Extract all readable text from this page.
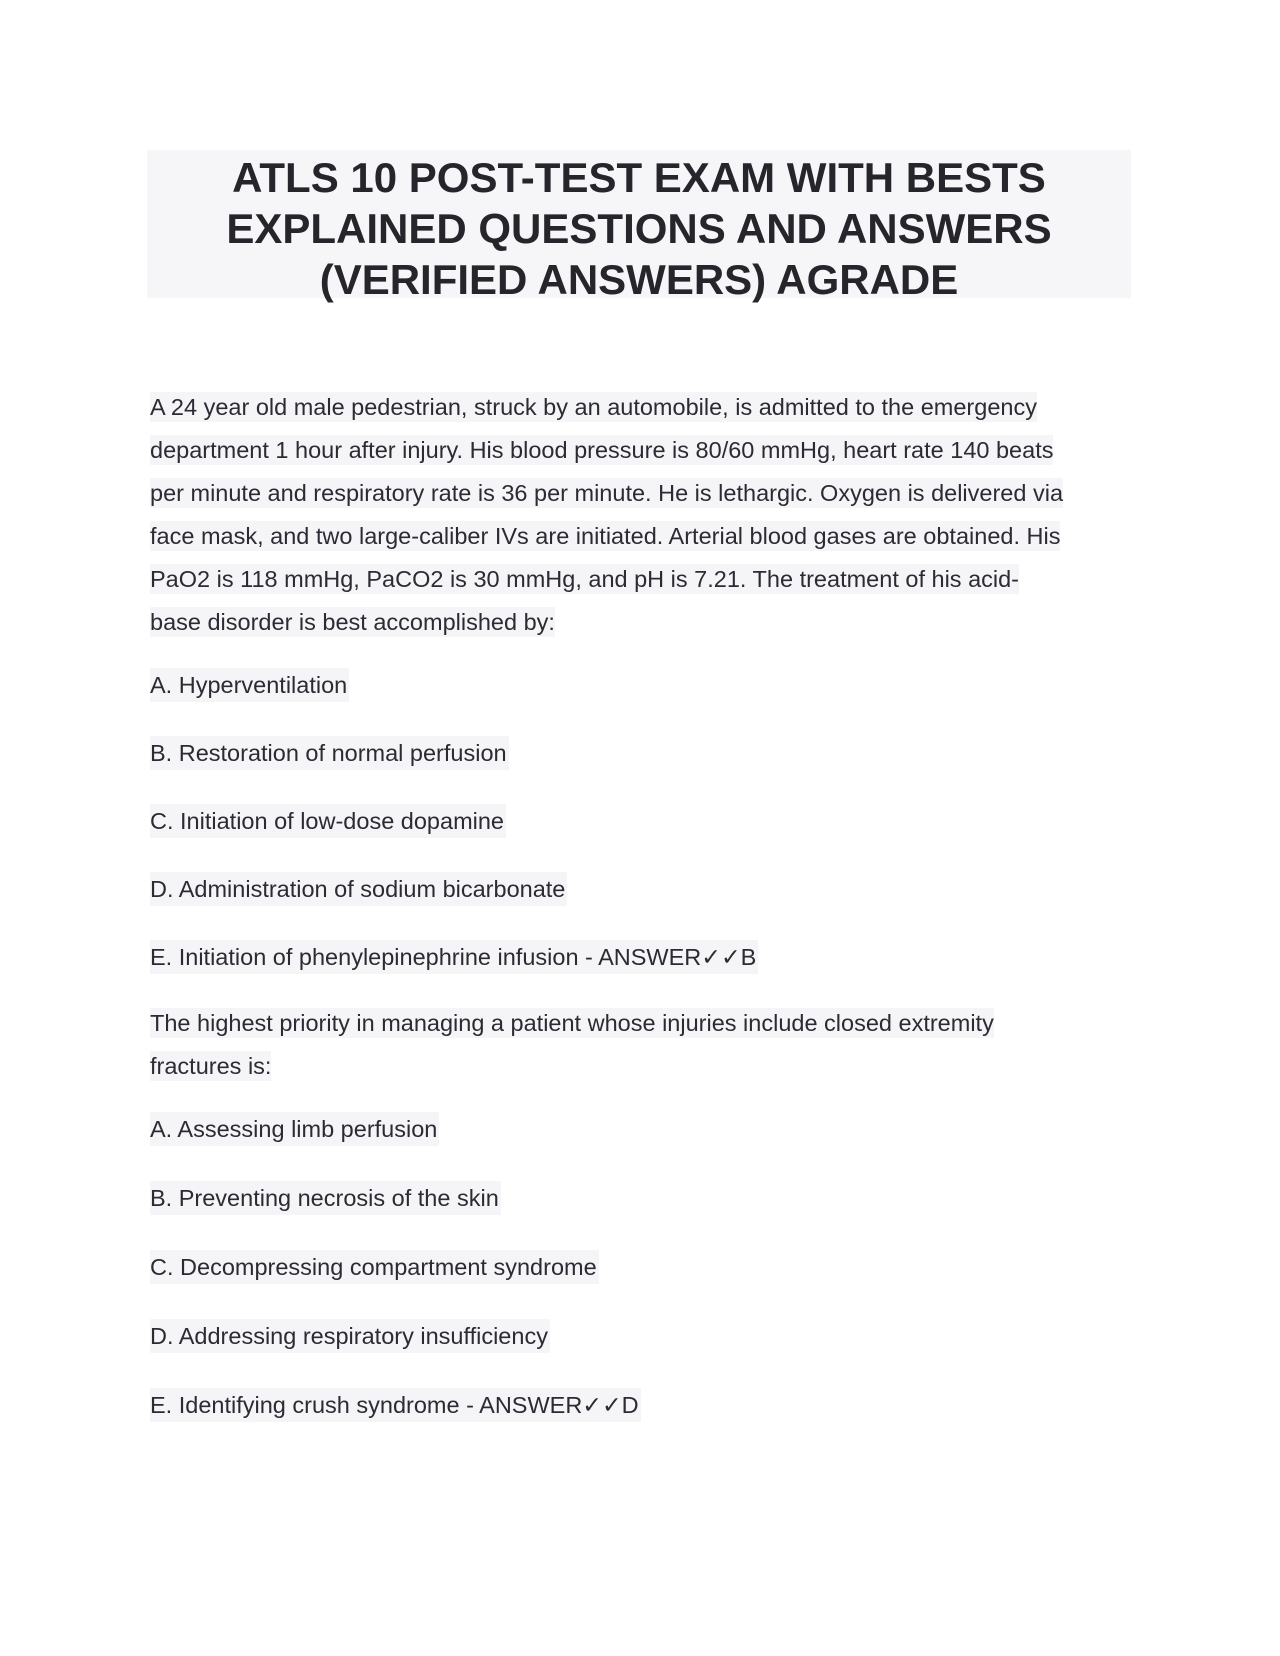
ATLS 10 POST-TEST EXAM WITH BESTS
EXPLAINED QUESTIONS AND ANSWERS
(VERIFIED ANSWERS) AGRADE

A 24 year old male pedestrian, struck by an automobile, is admitted to the emergency
department 1 hour after injury. His blood pressure is 80/60 mmHg, heart rate 140 beats
per minute and respiratory rate is 36 per minute. He is lethargic. Oxygen is delivered via
face mask, and two large-caliber IVs are initiated. Arterial blood gases are obtained. His
PaO2 is 118 mmHg, PaCO2 is 30 mmHg, and pH is 7.21. The treatment of his acid-
base disorder is best accomplished by:

A. Hyperventilation

B. Restoration of normal perfusion

C. Initiation of low-dose dopamine

D. Administration of sodium bicarbonate

E. Initiation of phenylepinephrine infusion - ANSWER✓✓B

The highest priority in managing a patient whose injuries include closed extremity
fractures is:

A. Assessing limb perfusion

B. Preventing necrosis of the skin

C. Decompressing compartment syndrome

D. Addressing respiratory insufficiency

E. Identifying crush syndrome - ANSWER✓✓D
